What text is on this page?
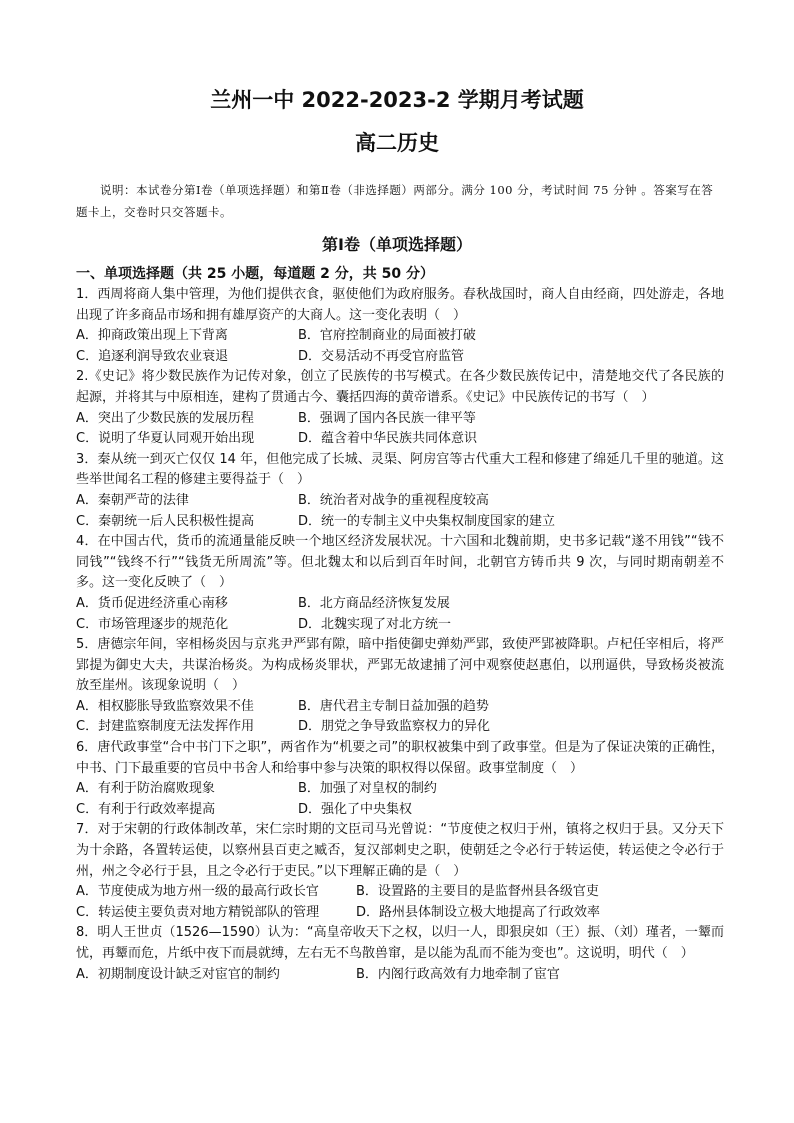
兰州一中 2022-2023-2 学期月考试题
高二历史
说明：本试卷分第Ⅰ卷（单项选择题）和第Ⅱ卷（非选择题）两部分。满分 100 分，考试时间 75 分钟 。答案写在答题卡上，交卷时只交答题卡。
第Ⅰ卷（单项选择题）
一、单项选择题（共 25 小题，每道题 2 分，共 50 分）
1．西周将商人集中管理，为他们提供衣食，驱使他们为政府服务。春秋战国时，商人自由经商，四处游走，各地出现了许多商品市场和拥有雄厚资产的大商人。这一变化表明（　）
A．抑商政策出现上下背离	B．官府控制商业的局面被打破
C．追逐利润导致农业衰退	D．交易活动不再受官府监管
2.《史记》将少数民族作为记传对象，创立了民族传的书写模式。在各少数民族传记中，清楚地交代了各民族的起源，并将其与中原相连，建构了贯通古今、囊括四海的黄帝谱系。《史记》中民族传记的书写（　）
A．突出了少数民族的发展历程	B．强调了国内各民族一律平等
C．说明了华夏认同观开始出现	D．蕴含着中华民族共同体意识
3．秦从统一到灭亡仅仅 14 年，但他完成了长城、灵渠、阿房宫等古代重大工程和修建了绵延几千里的驰道。这些举世闻名工程的修建主要得益于（　）
A．秦朝严苛的法律	B．统治者对战争的重视程度较高
C．秦朝统一后人民积极性提高	D．统一的专制主义中央集权制度国家的建立
4．在中国古代，货币的流通量能反映一个地区经济发展状况。十六国和北魏前期，史书多记载“遂不用钱”“钱不同钱”“钱终不行”“钱货无所周流”等。但北魏太和以后到百年时间，北朝官方铸币共 9 次，与同时期南朝差不多。这一变化反映了（　）
A．货币促进经济重心南移	B．北方商品经济恢复发展
C．市场管理逐步的规范化	D．北魏实现了对北方统一
5．唐德宗年间，宰相杨炎因与京兆尹严郢有隙，暗中指使御史弹劾严郢，致使严郢被降职。卢杞任宰相后，将严郢提为御史大夫，共谋治杨炎。为构成杨炎罪状，严郢无故逮捕了河中观察使赵惠伯，以刑逼供，导致杨炎被流放至崖州。该现象说明（　）
A．相权膨胀导致监察效果不佳	B．唐代君主专制日益加强的趋势
C．封建监察制度无法发挥作用	D．朋党之争导致监察权力的异化
6．唐代政事堂“合中书门下之职”，两省作为“机要之司”的职权被集中到了政事堂。但是为了保证决策的正确性，中书、门下最重要的官员中书舍人和给事中参与决策的职权得以保留。政事堂制度（　）
A．有利于防治腐败现象	B．加强了对皇权的制约
C．有利于行政效率提高	D．强化了中央集权
7．对于宋朝的行政体制改革，宋仁宗时期的文臣司马光曾说：“节度使之权归于州，镇将之权归于县。又分天下为十余路，各置转运使，以察州县百吏之臧否，复汉部刺史之职，使朝廷之令必行于转运使，转运使之令必行于州，州之令必行于县，且之令必行于吏民。”以下理解正确的是（　）
A．节度使成为地方州一级的最高行政长官	B．设置路的主要目的是监督州县各级官吏
C．转运使主要负责对地方精锐部队的管理	D．路州县体制设立极大地提高了行政效率
8．明人王世贞（1526—1590）认为：“高皇帝收天下之权，以归一人，即狠戾如（王）振、（刘）瑾者，一颦而忧，再颦而危，片纸中夜下而晨就缚，左右无不鸟散兽窜，是以能为乱而不能为变也”。这说明，明代（　）
A．初期制度设计缺乏对宦官的制约	B．内阁行政高效有力地牵制了宦官
